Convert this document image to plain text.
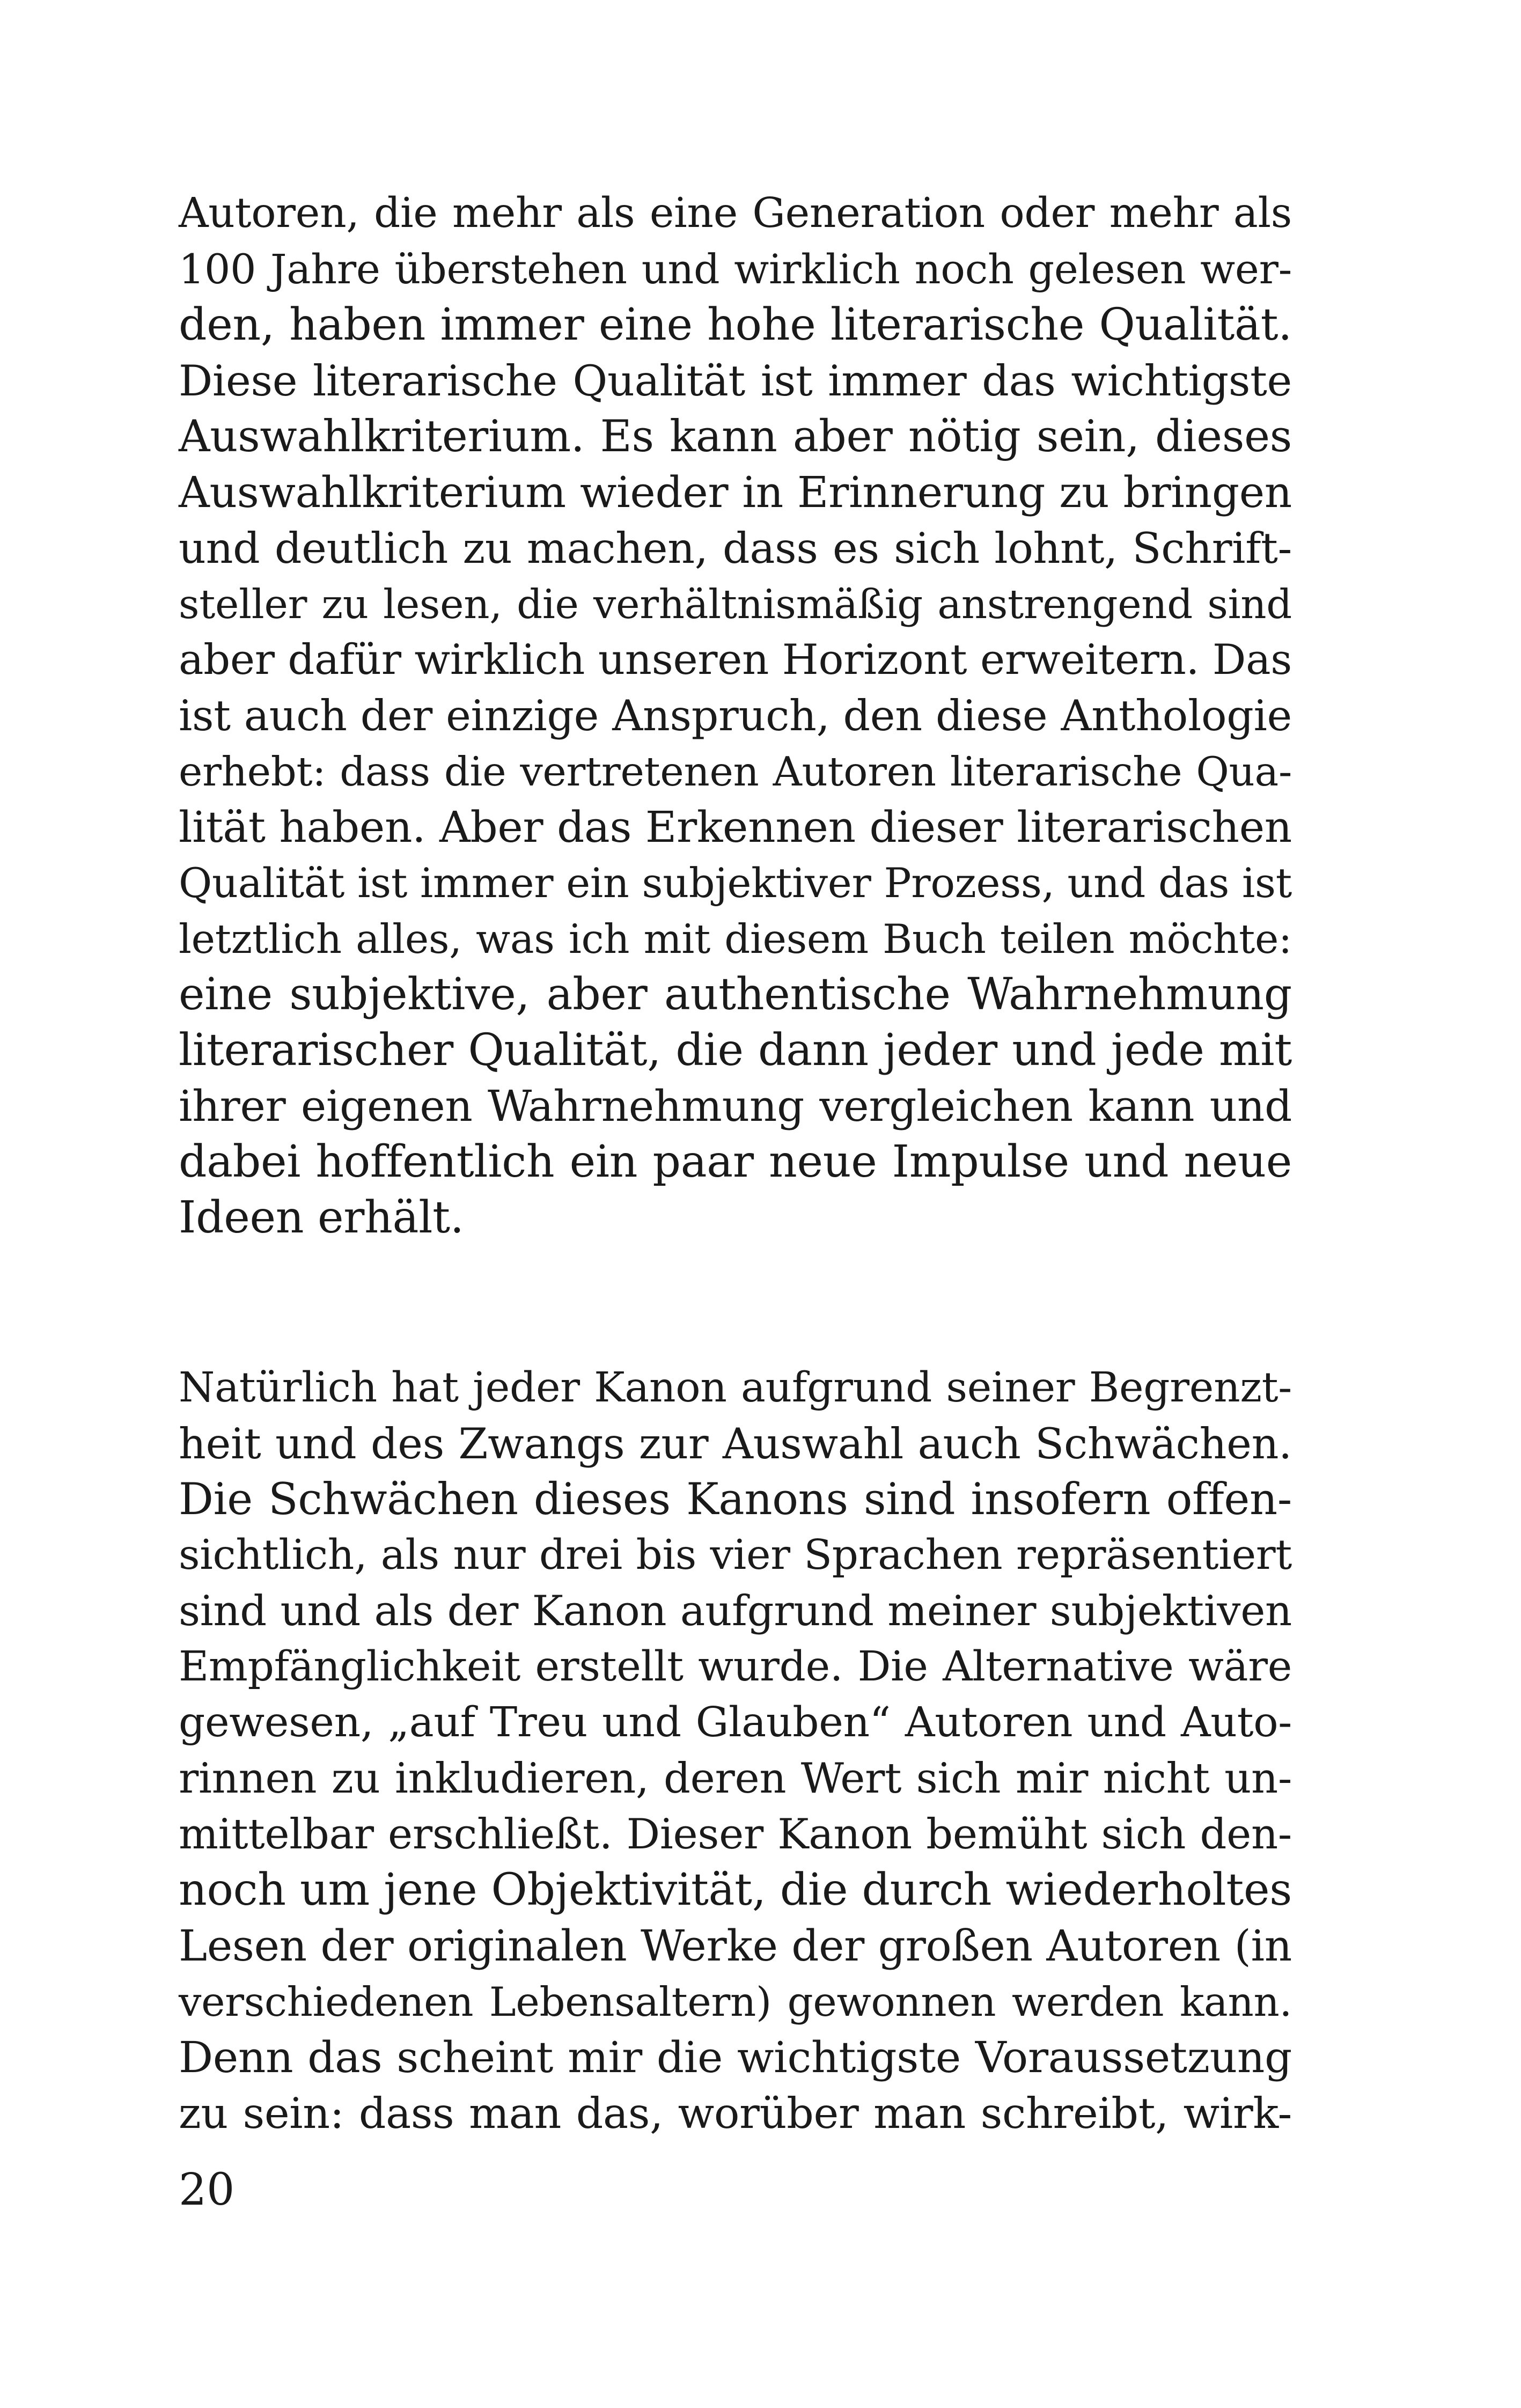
Autoren, die mehr als eine Generation oder mehr als
100 Jahre überstehen und wirklich noch gelesen wer-
den, haben immer eine hohe literarische Qualität.
Diese literarische Qualität ist immer das wichtigste
Auswahlkriterium. Es kann aber nötig sein, dieses
Auswahlkriterium wieder in Erinnerung zu bringen
und deutlich zu machen, dass es sich lohnt, Schrift-
steller zu lesen, die verhältnismäßig anstrengend sind
aber dafür wirklich unseren Horizont erweitern. Das
ist auch der einzige Anspruch, den diese Anthologie
erhebt: dass die vertretenen Autoren literarische Qua-
lität haben. Aber das Erkennen dieser literarischen
Qualität ist immer ein subjektiver Prozess, und das ist
letztlich alles, was ich mit diesem Buch teilen möchte:
eine subjektive, aber authentische Wahrnehmung
literarischer Qualität, die dann jeder und jede mit
ihrer eigenen Wahrnehmung vergleichen kann und
dabei hoffentlich ein paar neue Impulse und neue
Ideen erhält.
Natürlich hat jeder Kanon aufgrund seiner Begrenzt-
heit und des Zwangs zur Auswahl auch Schwächen.
Die Schwächen dieses Kanons sind insofern offen-
sichtlich, als nur drei bis vier Sprachen repräsentiert
sind und als der Kanon aufgrund meiner subjektiven
Empfänglichkeit erstellt wurde. Die Alternative wäre
gewesen, „auf Treu und Glauben“ Autoren und Auto-
rinnen zu inkludieren, deren Wert sich mir nicht un-
mittelbar erschließt. Dieser Kanon bemüht sich den-
noch um jene Objektivität, die durch wiederholtes
Lesen der originalen Werke der großen Autoren (in
verschiedenen Lebensaltern) gewonnen werden kann.
Denn das scheint mir die wichtigste Voraussetzung
zu sein: dass man das, worüber man schreibt, wirk-

20
